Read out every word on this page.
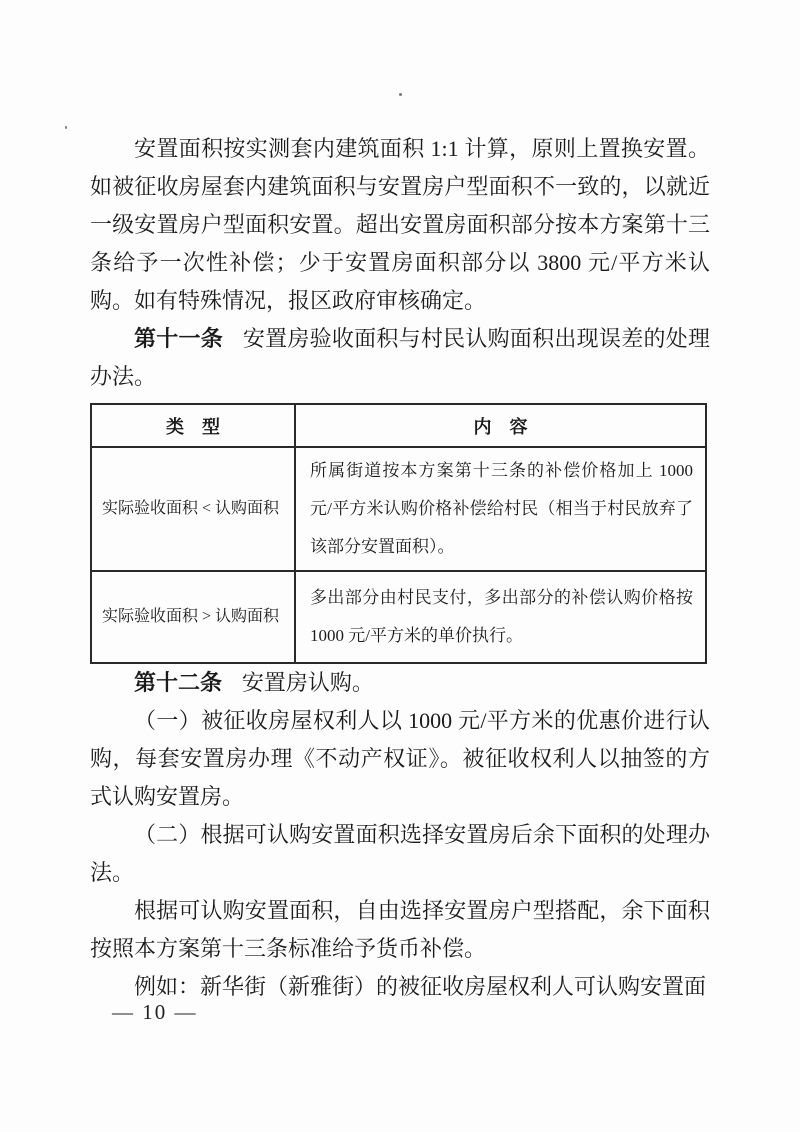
安置面积按实测套内建筑面积 1:1 计算，原则上置换安置。如被征收房屋套内建筑面积与安置房户型面积不一致的，以就近一级安置房户型面积安置。超出安置房面积部分按本方案第十三条给予一次性补偿；少于安置房面积部分以 3800 元/平方米认购。如有特殊情况，报区政府审核确定。

第十一条 安置房验收面积与村民认购面积出现误差的处理办法。

类　型	内　容
实际验收面积 < 认购面积	所属街道按本方案第十三条的补偿价格加上 1000 元/平方米认购价格补偿给村民（相当于村民放弃了该部分安置面积）。
实际验收面积 > 认购面积	多出部分由村民支付，多出部分的补偿认购价格按 1000 元/平方米的单价执行。

第十二条 安置房认购。

（一）被征收房屋权利人以 1000 元/平方米的优惠价进行认购，每套安置房办理《不动产权证》。被征收权利人以抽签的方式认购安置房。

（二）根据可认购安置面积选择安置房后余下面积的处理办法。

根据可认购安置面积，自由选择安置房户型搭配，余下面积按照本方案第十三条标准给予货币补偿。

例如：新华街（新雅街）的被征收房屋权利人可认购安置面

— 10 —
